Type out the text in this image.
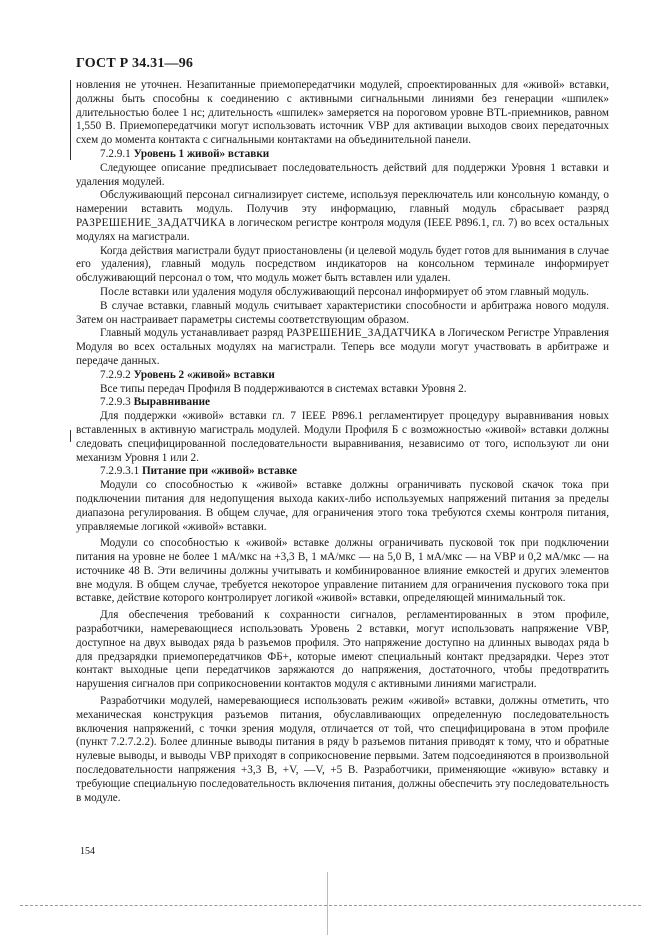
ГОСТ Р 34.31—96

новления не уточнен. Незапитанные приемопередатчики модулей, спроектированных для «живой» вставки, должны быть способны к соединению с активными сигнальными линиями без генерации «шпилек» длительностью более 1 нс; длительность «шпилек» замеряется на пороговом уровне BTL-приемников, равном 1,550 В. Приемопередатчики могут использовать источник VBP для активации выходов своих передаточных схем до момента контакта с сигнальными контактами на объединительной панели.

7.2.9.1 Уровень 1 живой» вставки

Следующее описание предписывает последовательность действий для поддержки Уровня 1 вставки и удаления модулей.

Обслуживающий персонал сигнализирует системе, используя переключатель или консольную команду, о намерении вставить модуль. Получив эту информацию, главный модуль сбрасывает разряд РАЗРЕШЕНИЕ_ЗАДАТЧИКА в логическом регистре контроля модуля (IEEE P896.1, гл. 7) во всех остальных модулях на магистрали.

Когда действия магистрали будут приостановлены (и целевой модуль будет готов для вынимания в случае его удаления), главный модуль посредством индикаторов на консольном терминале информирует обслуживающий персонал о том, что модуль может быть вставлен или удален.

После вставки или удаления модуля обслуживающий персонал информирует об этом главный модуль.

В случае вставки, главный модуль считывает характеристики способности и арбитража нового модуля. Затем он настраивает параметры системы соответствующим образом.

Главный модуль устанавливает разряд РАЗРЕШЕНИЕ_ЗАДАТЧИКА в Логическом Регистре Управления Модуля во всех остальных модулях на магистрали. Теперь все модули могут участвовать в арбитраже и передаче данных.

7.2.9.2 Уровень 2 «живой» вставки

Все типы передач Профиля В поддерживаются в системах вставки Уровня 2.

7.2.9.3 Выравнивание

Для поддержки «живой» вставки гл. 7 IEEE P896.1 регламентирует процедуру выравнивания новых вставленных в активную магистраль модулей. Модули Профиля Б с возможностью «живой» вставки должны следовать специфицированной последовательности выравнивания, независимо от того, используют ли они механизм Уровня 1 или 2.

7.2.9.3.1 Питание при «живой» вставке

Модули со способностью к «живой» вставке должны ограничивать пусковой скачок тока при подключении питания для недопущения выхода каких-либо используемых напряжений питания за пределы диапазона регулирования. В общем случае, для ограничения этого тока требуются схемы контроля питания, управляемые логикой «живой» вставки.

Модули со способностью к «живой» вставке должны ограничивать пусковой ток при подключении питания на уровне не более 1 мА/мкс на +3,3 В, 1 мА/мкс — на 5,0 В, 1 мА/мкс — на VBP и 0,2 мА/мкс — на источнике 48 В. Эти величины должны учитывать и комбинированное влияние емкостей и других элементов вне модуля. В общем случае, требуется некоторое управление питанием для ограничения пускового тока при вставке, действие которого контролирует логикой «живой» вставки, определяющей минимальный ток.

Для обеспечения требований к сохранности сигналов, регламентированных в этом профиле, разработчики, намеревающиеся использовать Уровень 2 вставки, могут использовать напряжение VBP, доступное на двух выводах ряда b разъемов профиля. Это напряжение доступно на длинных выводах ряда b для предзарядки приемопередатчиков ФБ+, которые имеют специальный контакт предзарядки. Через этот контакт выходные цепи передатчиков заряжаются до напряжения, достаточного, чтобы предотвратить нарушения сигналов при соприкосновении контактов модуля с активными линиями магистрали.

Разработчики модулей, намеревающиеся использовать режим «живой» вставки, должны отметить, что механическая конструкция разъемов питания, обуславливающих определенную последовательность включения напряжений, с точки зрения модуля, отличается от той, что специфицирована в этом профиле (пункт 7.2.7.2.2). Более длинные выводы питания в ряду b разъемов питания приводят к тому, что и обратные нулевые выводы, и выводы VBP приходят в соприкосновение первыми. Затем подсоединяются в произвольной последовательности напряжения +3,3 В, +V, —V, +5 В. Разработчики, применяющие «живую» вставку и требующие специальную последовательность включения питания, должны обеспечить эту последовательность в модуле.

154
